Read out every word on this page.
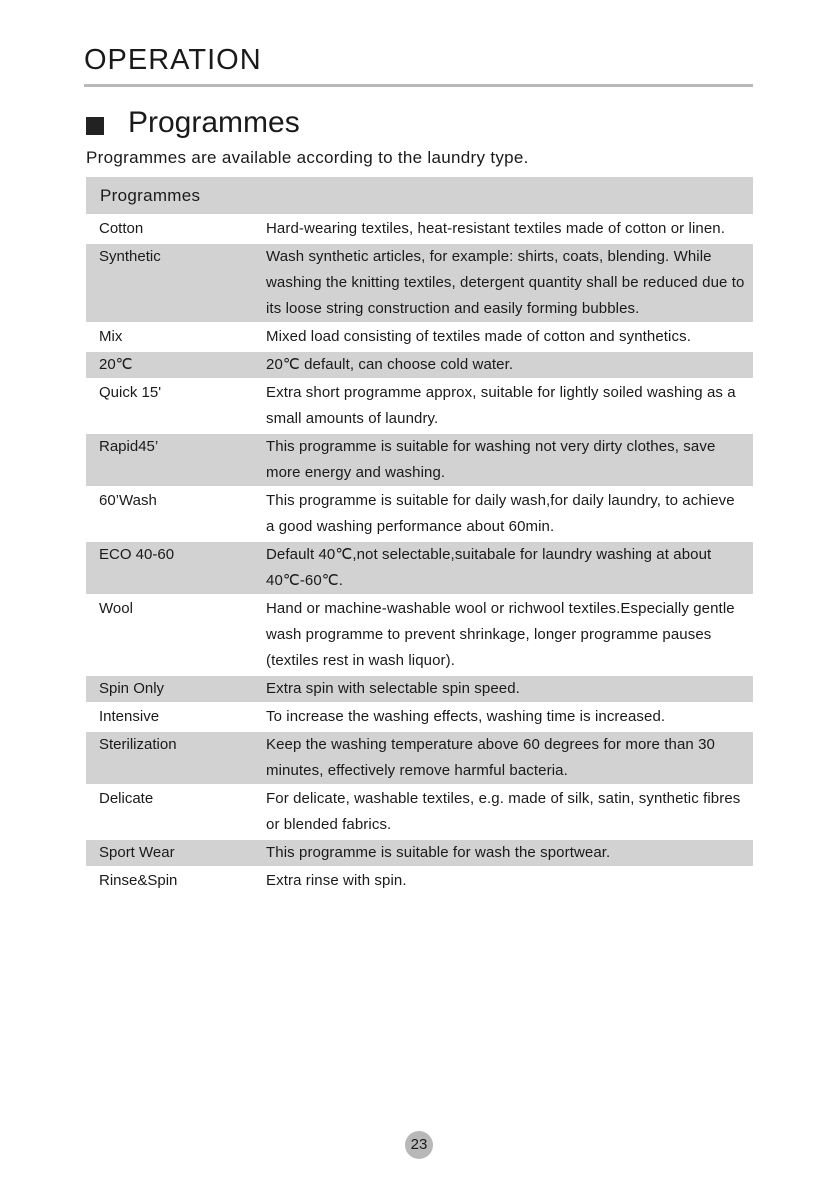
OPERATION
Programmes
Programmes are available according to the laundry type.
Programmes
Cotton	Hard-wearing textiles, heat-resistant textiles made of cotton or linen.
Synthetic	Wash synthetic articles, for example: shirts, coats, blending. While washing the knitting textiles, detergent quantity shall be reduced due to its loose string construction and easily forming bubbles.
Mix	Mixed load consisting of textiles made of cotton and synthetics.
20℃	20℃ default, can choose cold water.
Quick 15'	Extra short programme approx, suitable for lightly soiled washing as a small amounts of laundry.
Rapid45’	This programme is suitable for washing not very dirty clothes, save more energy and washing.
60’Wash	This programme is suitable for daily wash,for daily laundry, to achieve a good washing performance about 60min.
ECO 40-60	Default 40℃,not selectable,suitabale for laundry washing at about 40℃-60℃.
Wool	Hand or machine-washable wool or richwool textiles.Especially gentle wash programme to prevent shrinkage, longer programme pauses (textiles rest in wash liquor).
Spin Only	Extra spin with selectable spin speed.
Intensive	To increase the washing effects, washing time is increased.
Sterilization	Keep the washing temperature above 60 degrees for more than 30 minutes, effectively remove harmful bacteria.
Delicate	For delicate, washable textiles, e.g. made of silk, satin, synthetic fibres or blended fabrics.
Sport Wear	This programme is suitable for wash the sportwear.
Rinse&Spin	Extra rinse with spin.
23
